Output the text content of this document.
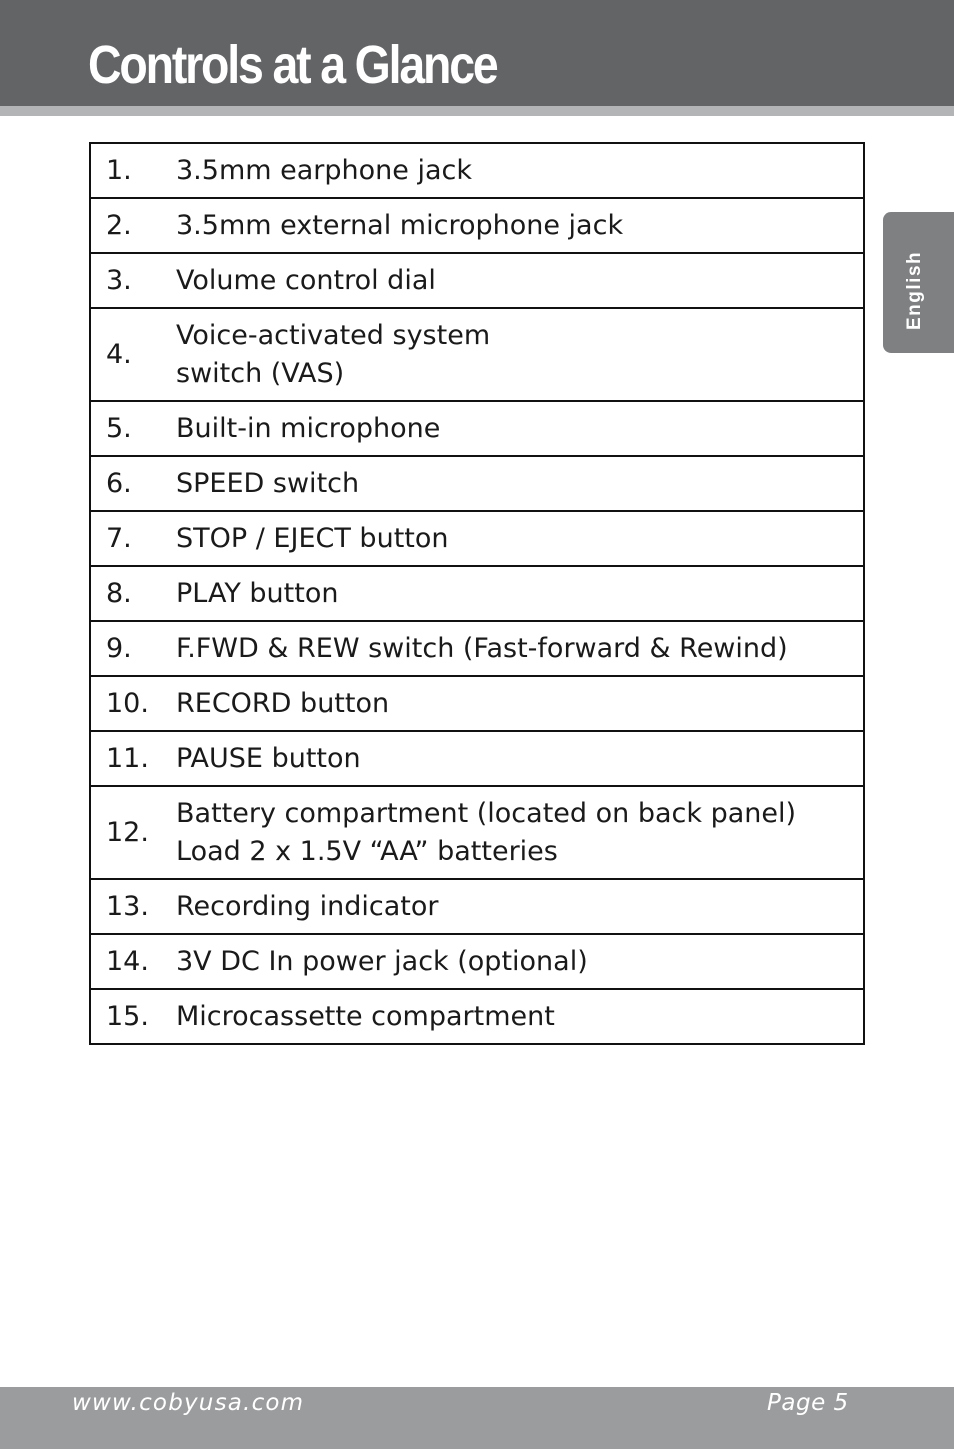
Controls at a Glance
English
1.	3.5mm earphone jack

2.	3.5mm external microphone jack

3.	Volume control dial

4.	Voice-activated system
switch (VAS)

5.	Built-in microphone

6.	SPEED switch

7.	STOP / EJECT button

8.	PLAY button

9.	F.FWD & REW switch (Fast-forward & Rewind)

10.	RECORD button

11.	PAUSE button

12.	Battery compartment (located on back panel)
Load 2 x 1.5V “AA” batteries

13.	Recording indicator

14.	3V DC In power jack (optional)

15.	Microcassette compartment
www.cobyusa.com	Page 5
